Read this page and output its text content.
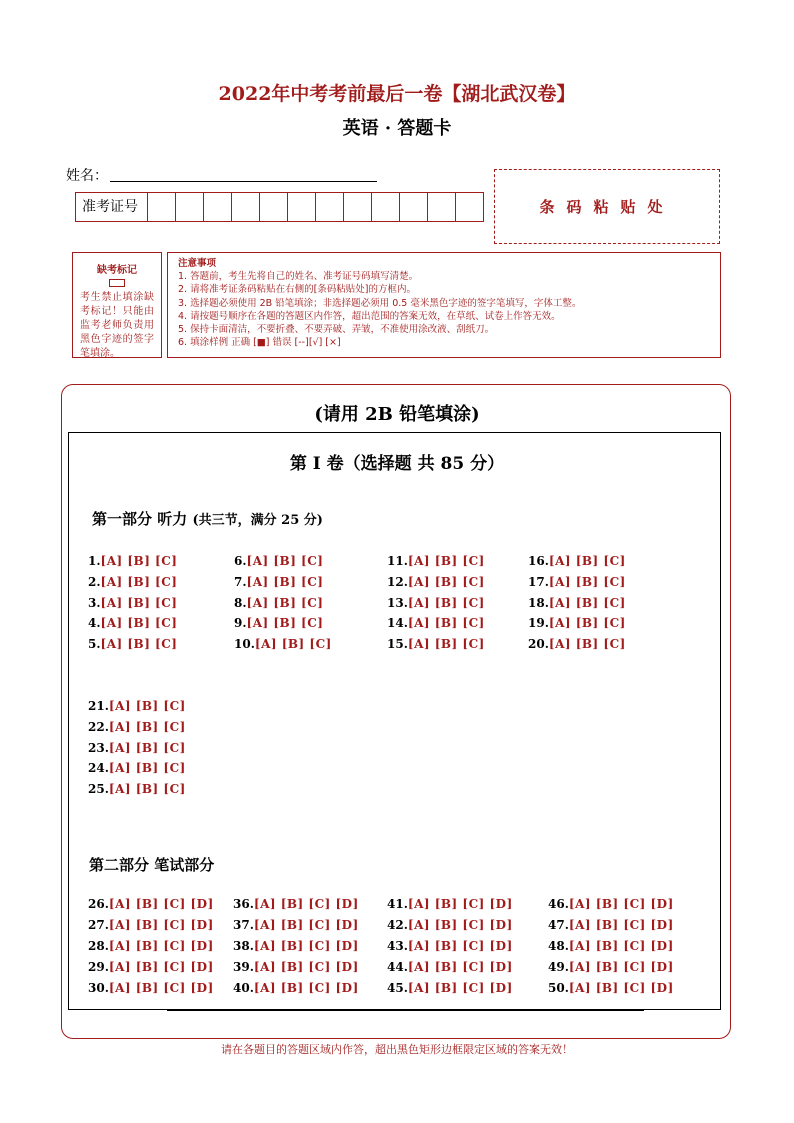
2022年中考考前最后一卷【湖北武汉卷】
英语 · 答题卡
姓名：
准考证号	条码粘贴处
缺考标记
考生禁止填涂缺考标记！只能由监考老师负责用黑色字迹的签字笔填涂。
注意事项
1. 答题前，考生先将自己的姓名、准考证号码填写清楚。
2. 请将准考证条码粘贴在右侧的[条码粘贴处]的方框内。
3. 选择题必须使用 2B 铅笔填涂；非选择题必须用 0.5 毫米黑色字迹的签字笔填写，字体工整。
4. 请按题号顺序在各题的答题区内作答，超出范围的答案无效，在草纸、试卷上作答无效。
5. 保持卡面清洁，不要折叠、不要弄破、弄皱，不准使用涂改液、刮纸刀。
6. 填涂样例 正确 [■] 错误 [--][√] [×]
(请用 2B 铅笔填涂)
第 I 卷（选择题 共 85 分）
第一部分 听力 (共三节，满分 25 分)
第二部分 笔试部分
1.[A] [B] [C]
2.[A] [B] [C]
3.[A] [B] [C]
4.[A] [B] [C]
5.[A] [B] [C]
6.[A] [B] [C]
7.[A] [B] [C]
8.[A] [B] [C]
9.[A] [B] [C]
10.[A] [B] [C]
11.[A] [B] [C]
12.[A] [B] [C]
13.[A] [B] [C]
14.[A] [B] [C]
15.[A] [B] [C]
16.[A] [B] [C]
17.[A] [B] [C]
18.[A] [B] [C]
19.[A] [B] [C]
20.[A] [B] [C]
21.[A] [B] [C]
22.[A] [B] [C]
23.[A] [B] [C]
24.[A] [B] [C]
25.[A] [B] [C]
26.[A] [B] [C] [D]
27.[A] [B] [C] [D]
28.[A] [B] [C] [D]
29.[A] [B] [C] [D]
30.[A] [B] [C] [D]
36.[A] [B] [C] [D]
37.[A] [B] [C] [D]
38.[A] [B] [C] [D]
39.[A] [B] [C] [D]
40.[A] [B] [C] [D]
41.[A] [B] [C] [D]
42.[A] [B] [C] [D]
43.[A] [B] [C] [D]
44.[A] [B] [C] [D]
45.[A] [B] [C] [D]
46.[A] [B] [C] [D]
47.[A] [B] [C] [D]
48.[A] [B] [C] [D]
49.[A] [B] [C] [D]
50.[A] [B] [C] [D]
请在各题目的答题区域内作答，超出黑色矩形边框限定区域的答案无效！
